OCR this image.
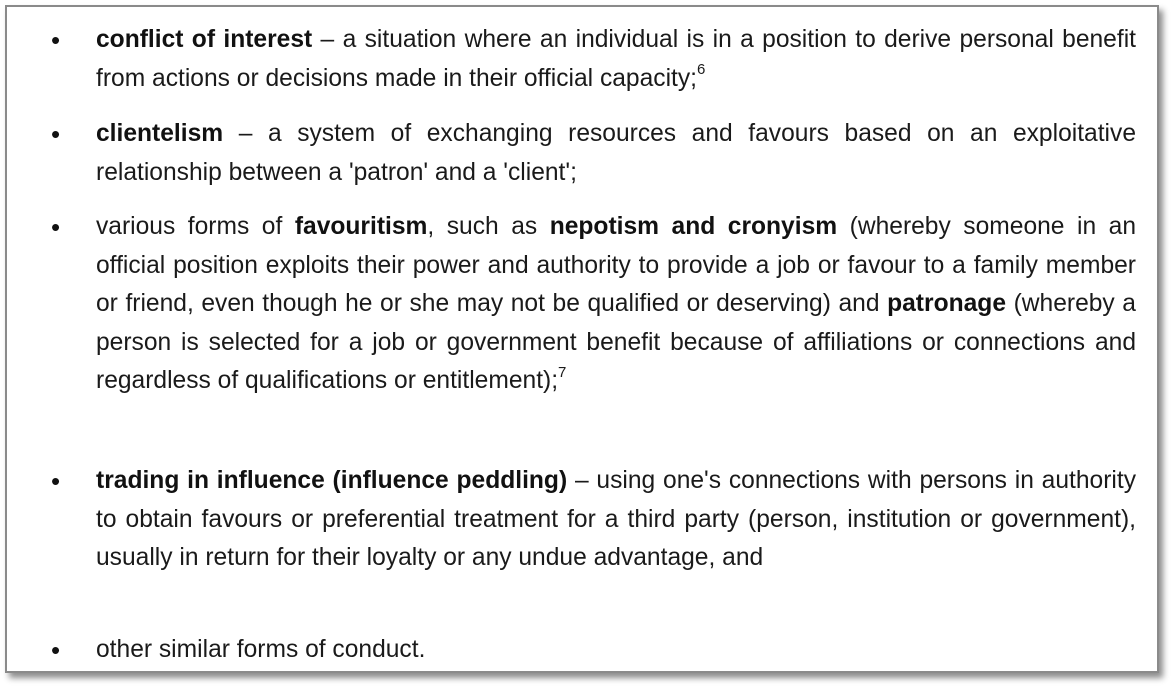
• conflict of interest – a situation where an individual is in a position to derive personal benefit from actions or decisions made in their official capacity;$^6$
• clientelism – a system of exchanging resources and favours based on an exploitative relationship between a 'patron' and a 'client';
• various forms of favouritism, such as nepotism and cronyism (whereby someone in an official position exploits their power and authority to provide a job or favour to a family member or friend, even though he or she may not be qualified or deserving) and patronage (whereby a person is selected for a job or government benefit because of affiliations or connections and regardless of qualifications or entitlement);$^7$
• trading in influence (influence peddling) – using one's connections with persons in authority to obtain favours or preferential treatment for a third party (person, institution or government), usually in return for their loyalty or any undue advantage, and
• other similar forms of conduct.
